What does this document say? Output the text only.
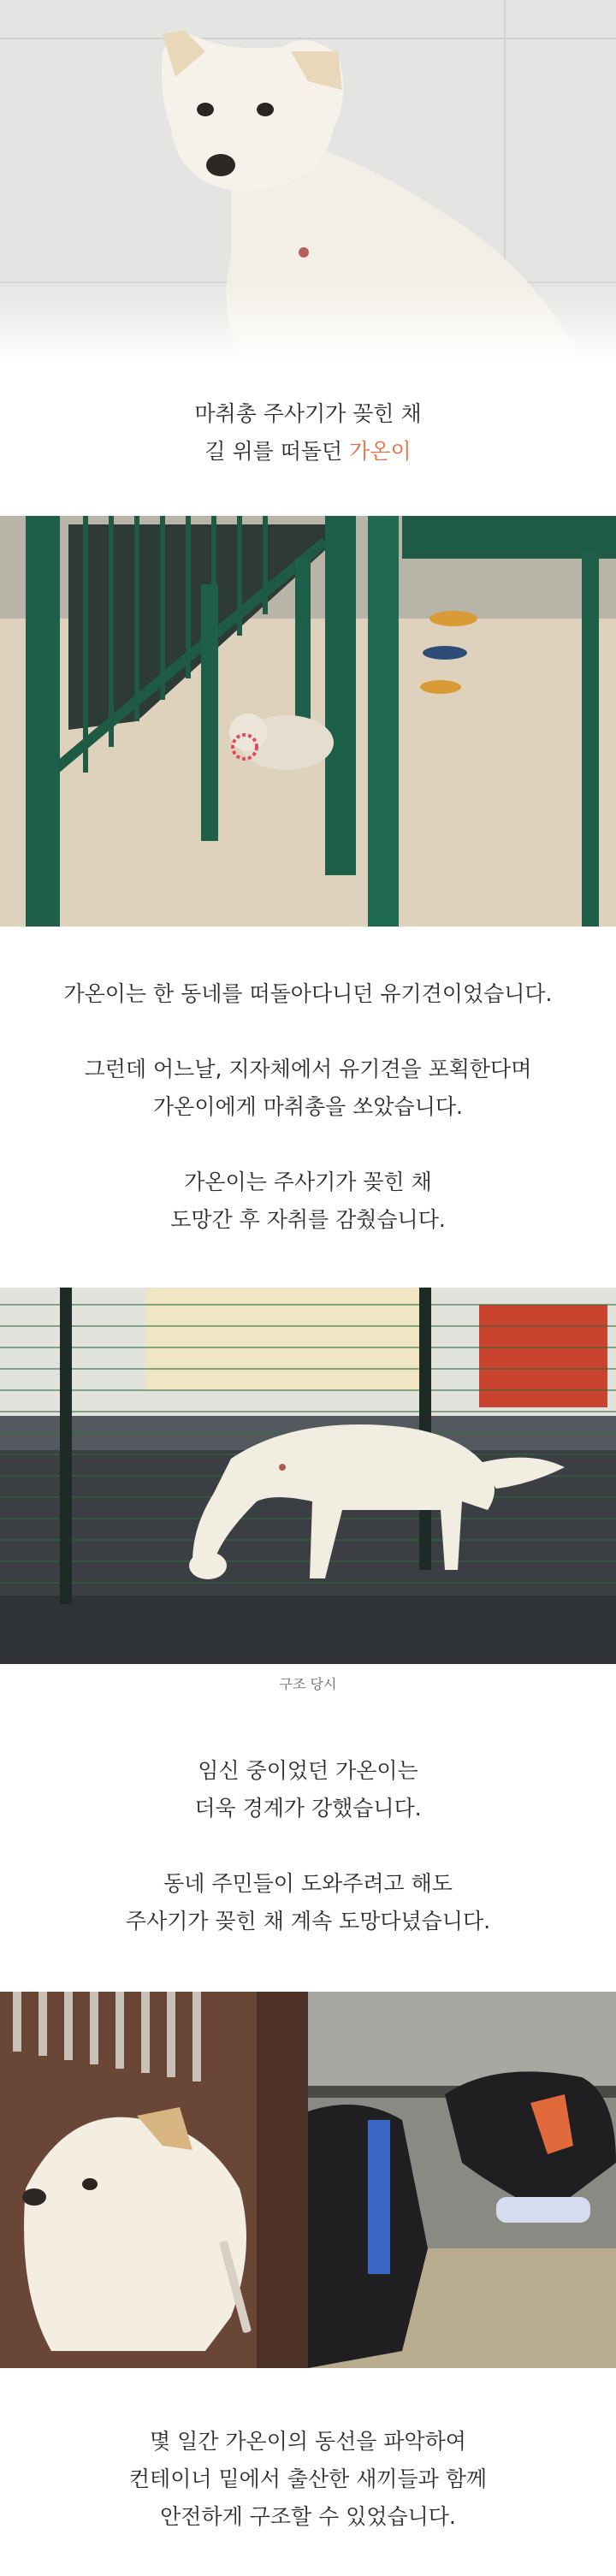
마취총 주사기가 꽂힌 채

길 위를 떠돌던 가온이

가온이는 한 동네를 떠돌아다니던 유기견이었습니다.

그런데 어느날, 지자체에서 유기견을 포획한다며

가온이에게 마취총을 쏘았습니다.

가온이는 주사기가 꽂힌 채

도망간 후 자취를 감췄습니다.

구조 당시

임신 중이었던 가온이는

더욱 경계가 강했습니다.

동네 주민들이 도와주려고 해도

주사기가 꽂힌 채 계속 도망다녔습니다.

몇 일간 가온이의 동선을 파악하여

컨테이너 밑에서 출산한 새끼들과 함께

안전하게 구조할 수 있었습니다.
